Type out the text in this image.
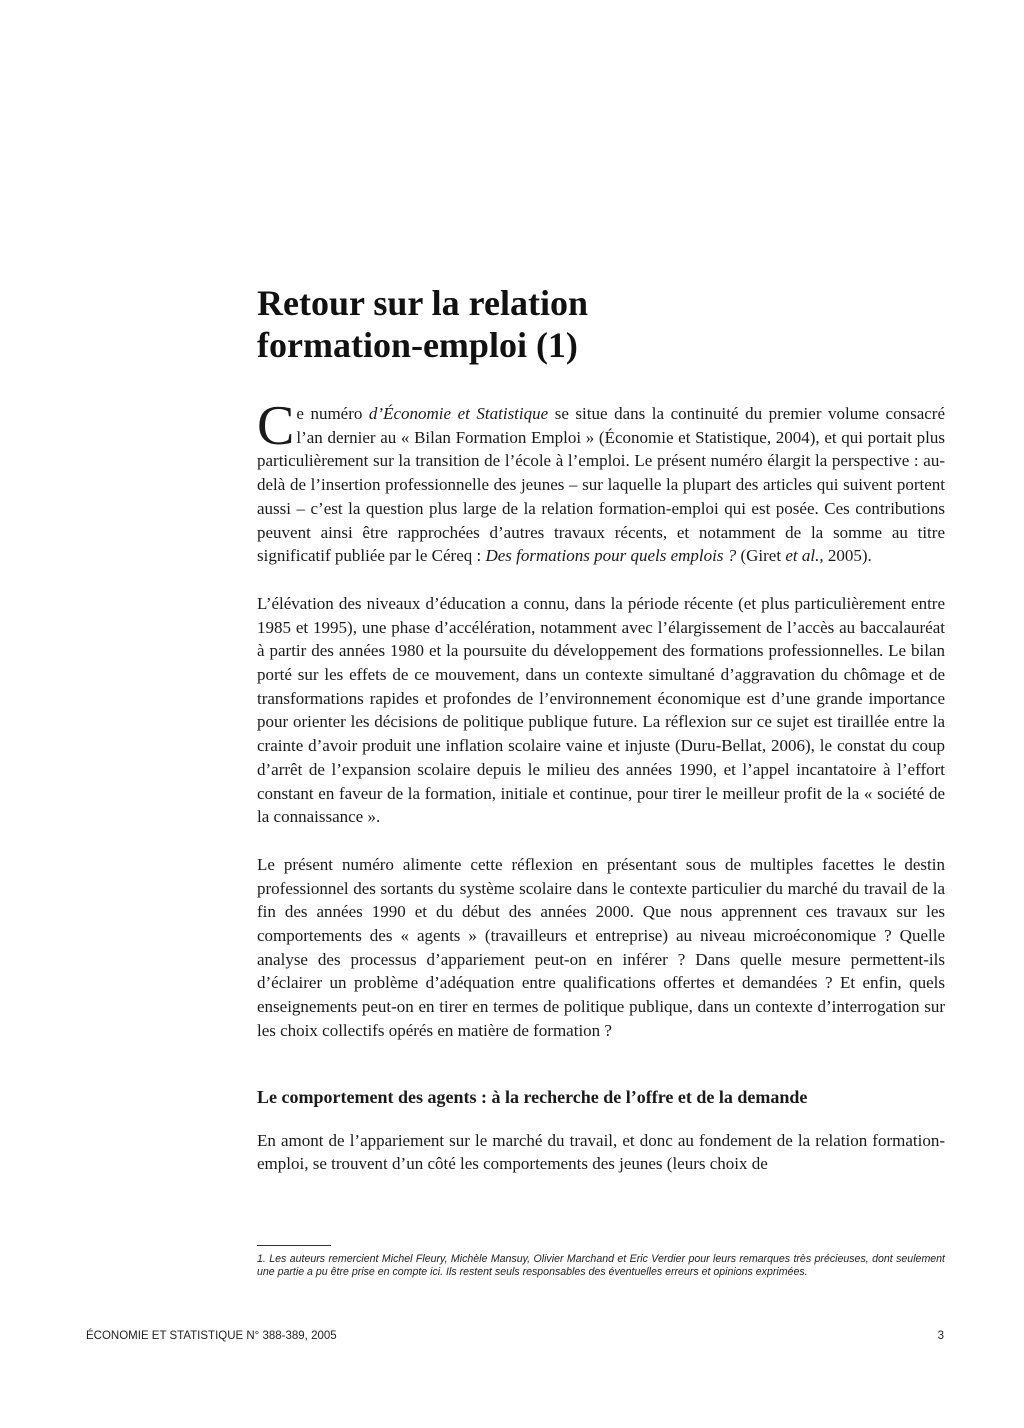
Retour sur la relation
formation-emploi (1)

Ce numéro d’Économie et Statistique se situe dans la continuité du premier volume consacré l’an dernier au « Bilan Formation Emploi » (Économie et Statistique, 2004), et qui portait plus particulièrement sur la transition de l’école à l’emploi. Le présent numéro élargit la perspective : au-delà de l’insertion professionnelle des jeunes – sur laquelle la plupart des articles qui suivent portent aussi – c’est la question plus large de la relation formation-emploi qui est posée. Ces contributions peuvent ainsi être rapprochées d’autres travaux récents, et notamment de la somme au titre significatif publiée par le Céreq : Des formations pour quels emplois ? (Giret et al., 2005).

L’élévation des niveaux d’éducation a connu, dans la période récente (et plus particulièrement entre 1985 et 1995), une phase d’accélération, notamment avec l’élargissement de l’accès au baccalauréat à partir des années 1980 et la poursuite du développement des formations professionnelles. Le bilan porté sur les effets de ce mouvement, dans un contexte simultané d’aggravation du chômage et de transformations rapides et profondes de l’environnement économique est d’une grande importance pour orienter les décisions de politique publique future. La réflexion sur ce sujet est tiraillée entre la crainte d’avoir produit une inflation scolaire vaine et injuste (Duru-Bellat, 2006), le constat du coup d’arrêt de l’expansion scolaire depuis le milieu des années 1990, et l’appel incantatoire à l’effort constant en faveur de la formation, initiale et continue, pour tirer le meilleur profit de la « société de la connaissance ».

Le présent numéro alimente cette réflexion en présentant sous de multiples facettes le destin professionnel des sortants du système scolaire dans le contexte particulier du marché du travail de la fin des années 1990 et du début des années 2000. Que nous apprennent ces travaux sur les comportements des « agents » (travailleurs et entreprise) au niveau microéconomique ? Quelle analyse des processus d’appariement peut-on en inférer ? Dans quelle mesure permettent-ils d’éclairer un problème d’adéquation entre qualifications offertes et demandées ? Et enfin, quels enseignements peut-on en tirer en termes de politique publique, dans un contexte d’interrogation sur les choix collectifs opérés en matière de formation ?

Le comportement des agents : à la recherche de l’offre et de la demande

En amont de l’appariement sur le marché du travail, et donc au fondement de la relation formation-emploi, se trouvent d’un côté les comportements des jeunes (leurs choix de

1. Les auteurs remercient Michel Fleury, Michèle Mansuy, Olivier Marchand et Eric Verdier pour leurs remarques très précieuses, dont seulement une partie a pu être prise en compte ici. Ils restent seuls responsables des éventuelles erreurs et opinions exprimées.
ÉCONOMIE ET STATISTIQUE N° 388-389, 2005	3
